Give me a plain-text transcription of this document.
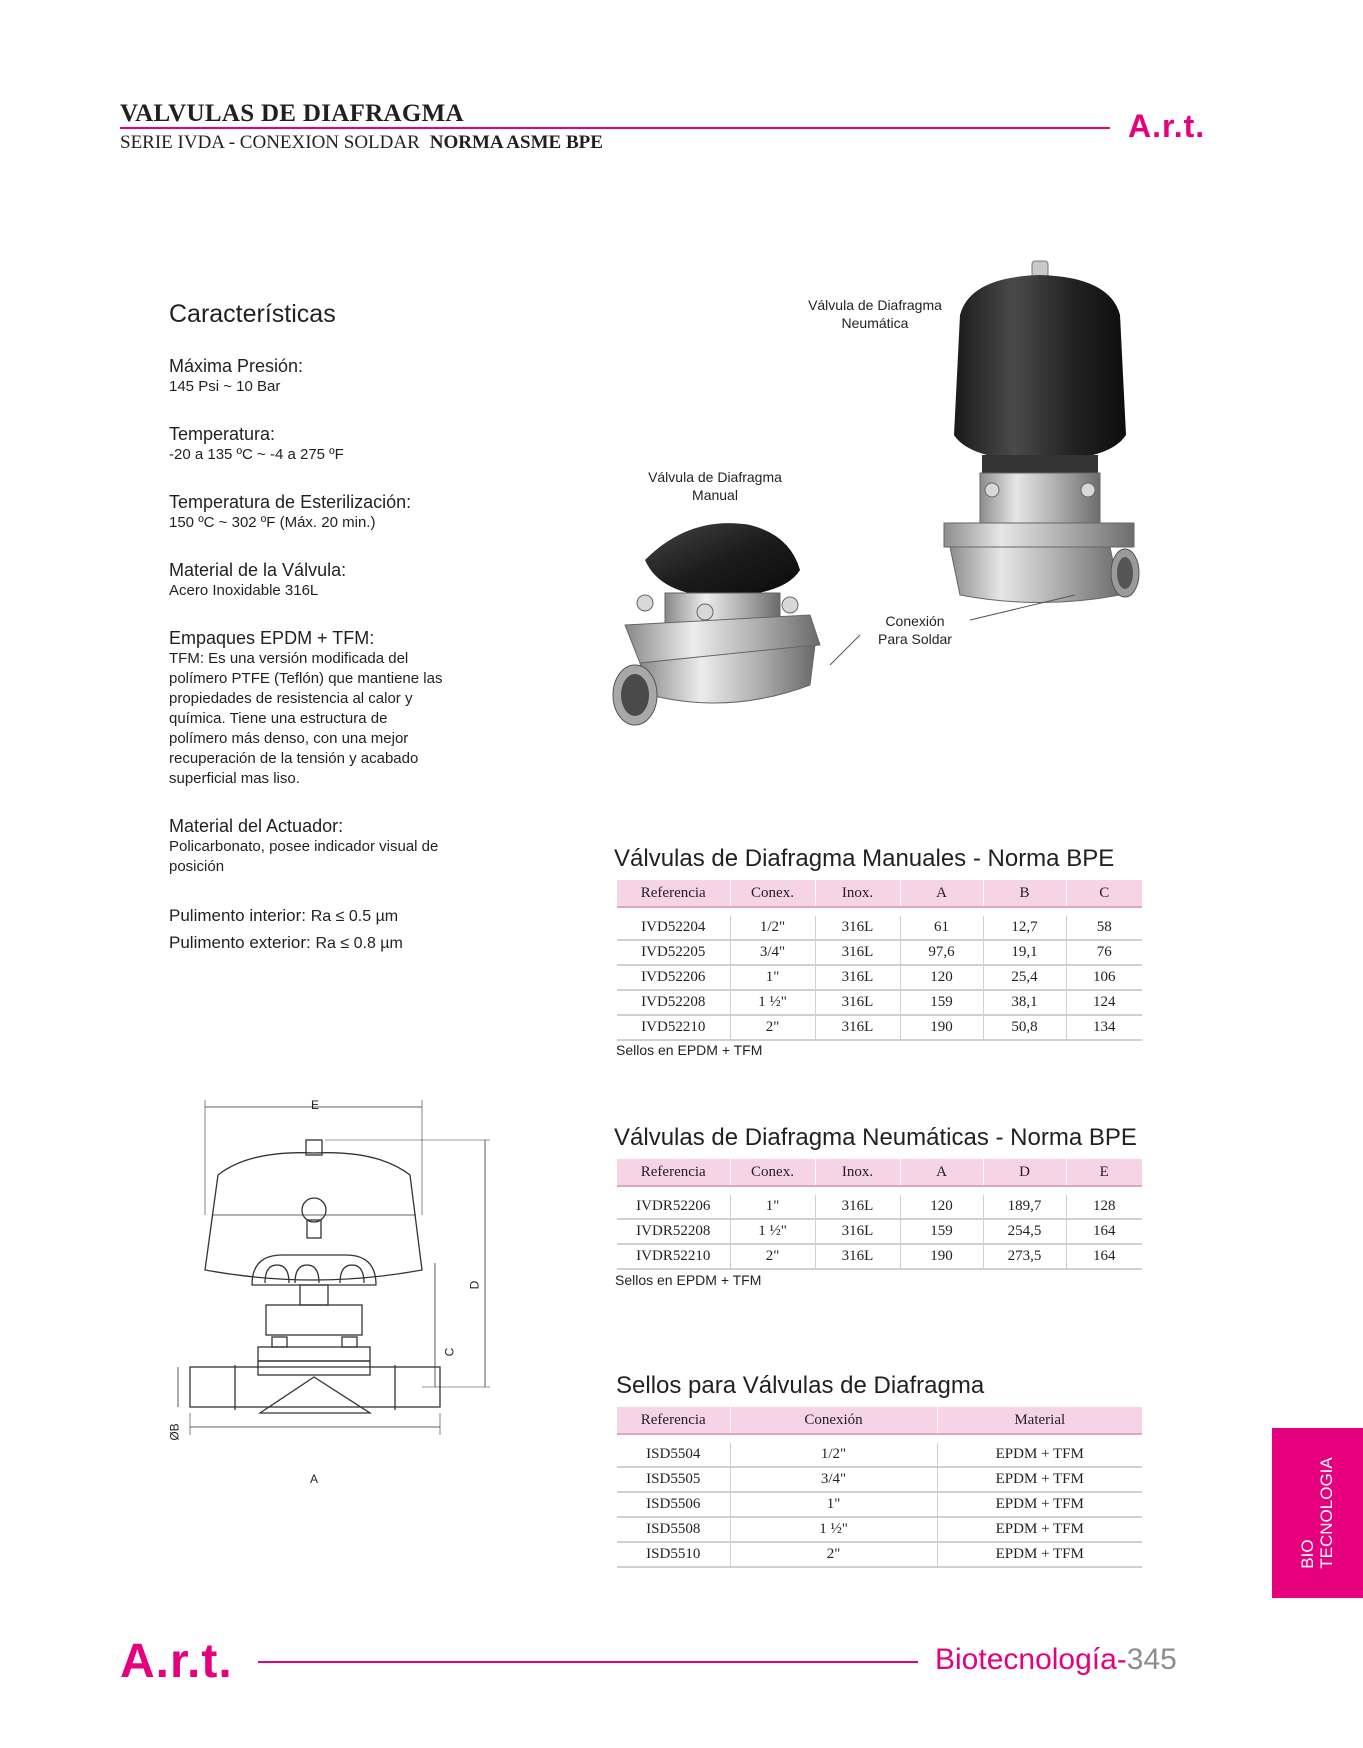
VALVULAS DE DIAFRAGMA
SERIE IVDA - CONEXION SOLDAR NORMA ASME BPE	A.r.t.
Características
Máxima Presión:
145 Psi ~ 10 Bar
Temperatura:
-20 a 135 ºC ~ -4 a 275 ºF
Temperatura de Esterilización:
150 ºC ~ 302 ºF (Máx. 20 min.)
Material de la Válvula:
Acero Inoxidable 316L
Empaques EPDM + TFM:
TFM: Es una versión modificada del polímero PTFE (Teflón) que mantiene las propiedades de resistencia al calor y química. Tiene una estructura de polímero más denso, con una mejor recuperación de la tensión y acabado superficial mas liso.
Material del Actuador:
Policarbonato, posee indicador visual de posición
Pulimento interior: Ra ≤ 0.5 µm
Pulimento exterior: Ra ≤ 0.8 µm
Válvula de Diafragma
Neumática
Válvula de Diafragma
Manual
Conexión
Para Soldar
E
D
C
ØB
A
Válvulas de Diafragma Manuales - Norma BPE
Referencia	Conex.	Inox.	A	B	C

IVD52204	1/2"	316L	61	12,7	58
IVD52205	3/4"	316L	97,6	19,1	76
IVD52206	1"	316L	120	25,4	106
IVD52208	1 ½"	316L	159	38,1	124
IVD52210	2"	316L	190	50,8	134
Sellos en EPDM + TFM
Válvulas de Diafragma Neumáticas - Norma BPE
Referencia	Conex.	Inox.	A	D	E

IVDR52206	1"	316L	120	189,7	128
IVDR52208	1 ½"	316L	159	254,5	164
IVDR52210	2"	316L	190	273,5	164
Sellos en EPDM + TFM
Sellos para Válvulas de Diafragma
Referencia	Conexión	Material

ISD5504	1/2"	EPDM + TFM
ISD5505	3/4"	EPDM + TFM
ISD5506	1"	EPDM + TFM
ISD5508	1 ½"	EPDM + TFM
ISD5510	2"	EPDM + TFM	BIO TECNOLOGIA
A.r.t.	Biotecnología-345
